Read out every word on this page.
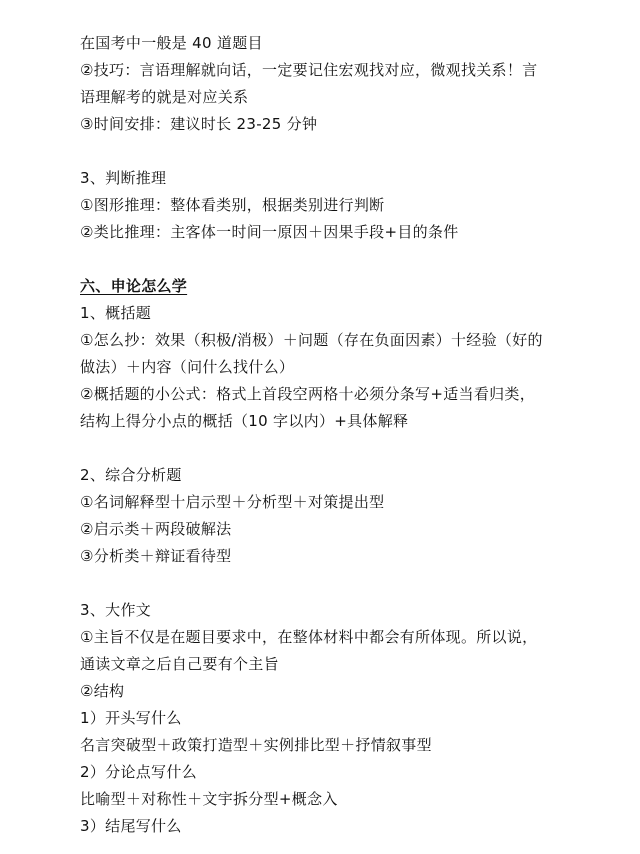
在国考中一般是 40 道题目
②技巧：言语理解就向话，一定要记住宏观找对应，微观找关系！言
语理解考的就是对应关系
③时间安排：建议时长 23-25 分钟
3、判断推理
①图形推理：整体看类别，根据类别进行判断
②类比推理：主客体一时间一原因＋因果手段+目的条件
六、申论怎么学
1、概括题
①怎么抄：效果（积极/消极）＋问题（存在负面因素）十经验（好的
做法）＋内容（问什么找什么）
②概括题的小公式：格式上首段空两格十必须分条写+适当看归类，
结构上得分小点的概括（10 字以内）+具体解释
2、综合分析题
①名词解释型十启示型＋分析型＋对策提出型
②启示类＋两段破解法
③分析类＋辩证看待型
3、大作文
①主旨不仅是在题目要求中，在整体材料中都会有所体现。所以说，
通读文章之后自己要有个主旨
②结构
1）开头写什么
名言突破型＋政策打造型＋实例排比型＋抒情叙事型
2）分论点写什么
比喻型＋对称性＋文宇拆分型+概念入
3）结尾写什么
